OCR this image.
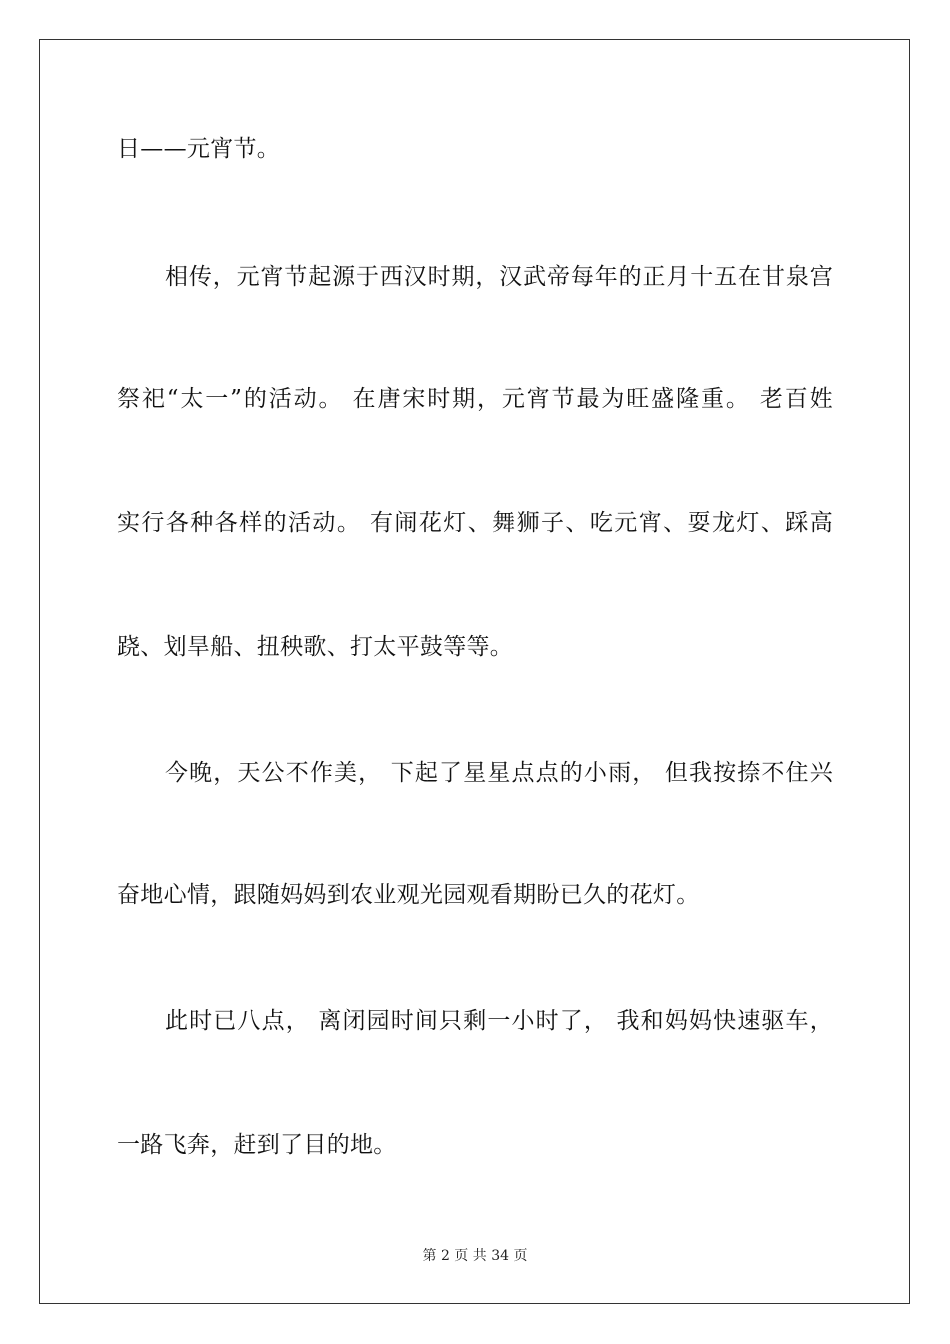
日——元宵节。
相传，元宵节起源于西汉时期，汉武帝每年的正月十五在甘泉宫
祭祀“太一”的活动。 在唐宋时期，元宵节最为旺盛隆重。 老百姓
实行各种各样的活动。 有闹花灯、舞狮子、吃元宵、耍龙灯、踩高
跷、划旱船、扭秧歌、打太平鼓等等。
今晚，天公不作美， 下起了星星点点的小雨， 但我按捺不住兴
奋地心情，跟随妈妈到农业观光园观看期盼已久的花灯。
此时已八点， 离闭园时间只剩一小时了， 我和妈妈快速驱车，
一路飞奔，赶到了目的地。
第 2 页 共 34 页
